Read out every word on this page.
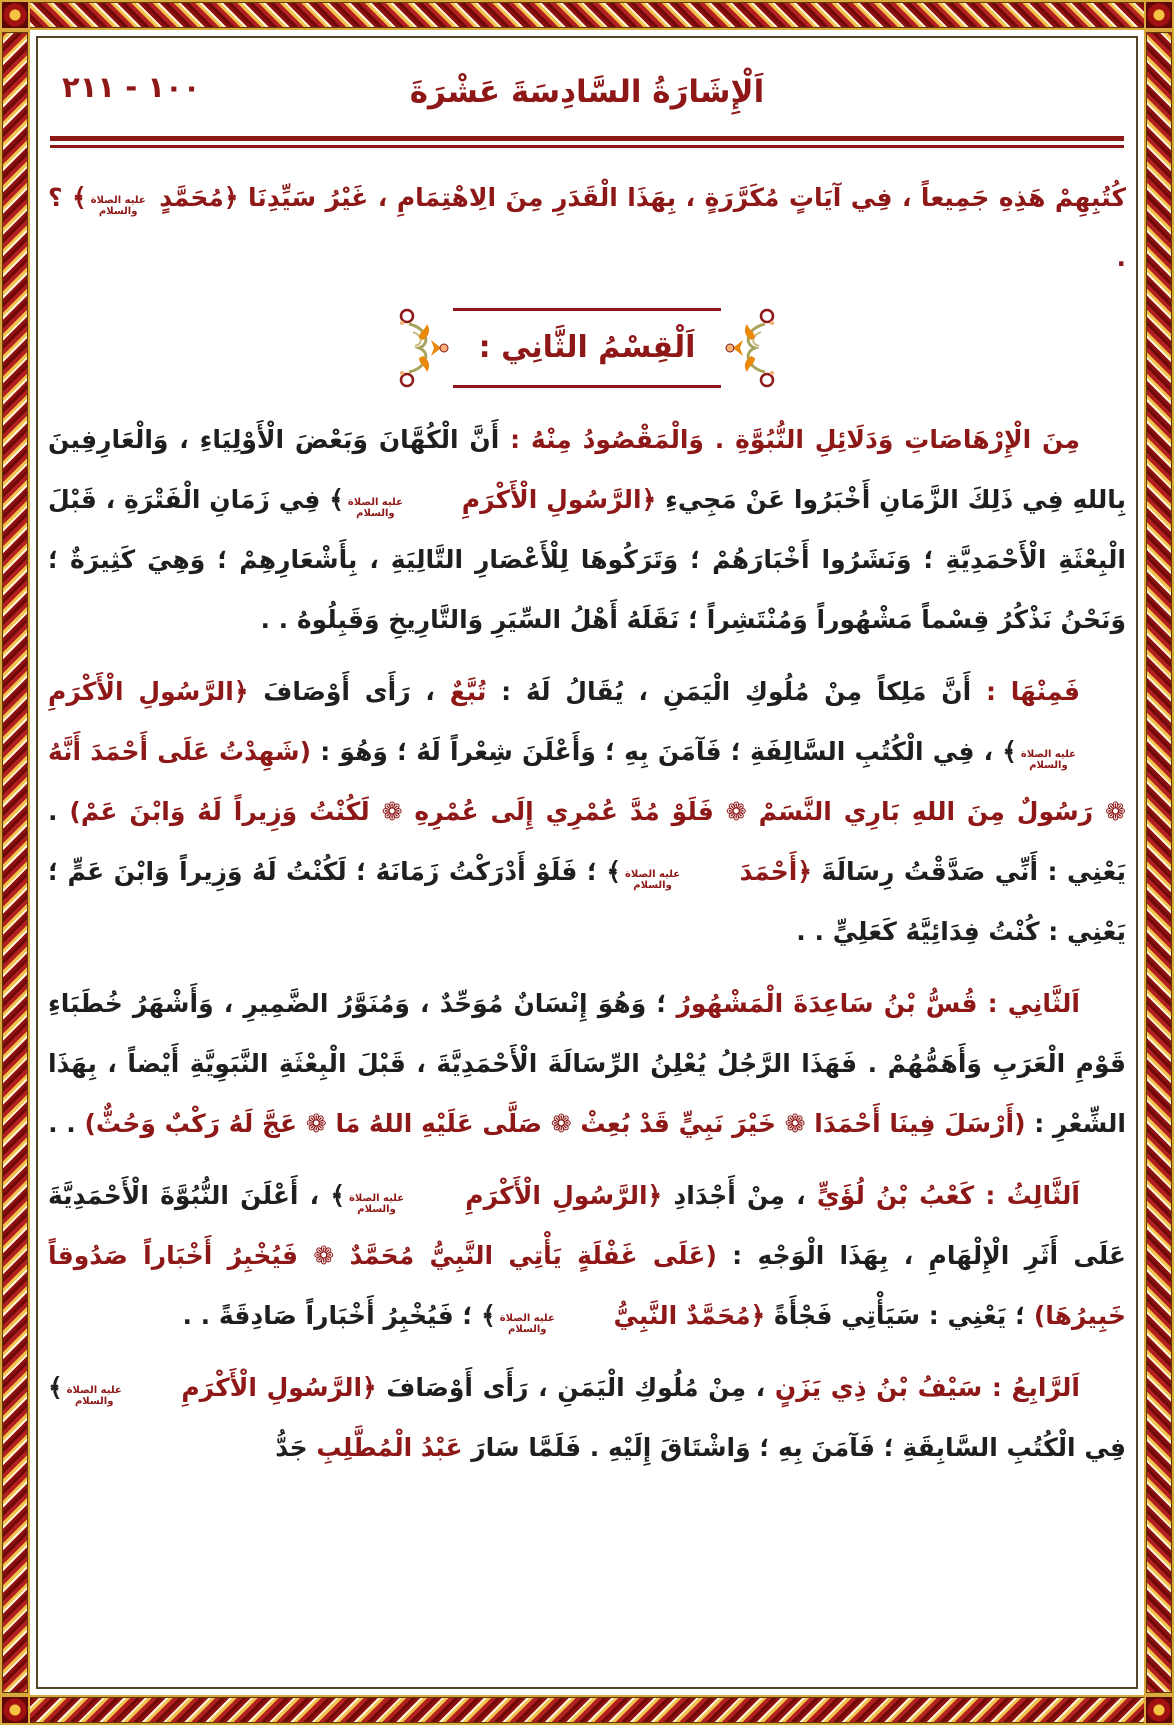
١٠٠ - ٢١١	اَلْإِشَارَةُ السَّادِسَةَ عَشْرَةَ

كُتُبِهِمْ هَذِهِ جَمِيعاً ، فِي آيَاتٍ مُكَرَّرَةٍ ، بِهَذَا الْقَدَرِ مِنَ الِاهْتِمَامِ ، غَيْرُ سَيِّدِنَا ﴿مُحَمَّدٍ
عليه الصلاة
والسلام
﴾ ؟ .

اَلْقِسْمُ الثَّانِي :

مِنَ الْإِرْهَاصَاتِ وَدَلَائِلِ النُّبُوَّةِ . وَالْمَقْصُودُ مِنْهُ : أَنَّ الْكُهَّانَ وَبَعْضَ الْأَوْلِيَاءِ ، وَالْعَارِفِينَ بِاللهِ فِي ذَلِكَ الزَّمَانِ أَخْبَرُوا عَنْ مَجِيءِ ﴿الرَّسُولِ الْأَكْرَمِ
عليه الصلاة
والسلام
﴾ فِي زَمَانِ الْفَتْرَةِ ، قَبْلَ الْبِعْثَةِ الْأَحْمَدِيَّةِ ؛ وَنَشَرُوا أَخْبَارَهُمْ ؛ وَتَرَكُوهَا لِلْأَعْصَارِ التَّالِيَةِ ، بِأَشْعَارِهِمْ ؛ وَهِيَ كَثِيرَةٌ ؛ وَنَحْنُ نَذْكُرُ قِسْماً مَشْهُوراً وَمُنْتَشِراً ؛ نَقَلَهُ أَهْلُ السِّيَرِ وَالتَّارِيخِ وَقَبِلُوهُ . .

فَمِنْهَا : أَنَّ مَلِكاً مِنْ مُلُوكِ الْيَمَنِ ، يُقَالُ لَهُ : تُبَّعٌ ، رَأَى أَوْصَافَ ﴿الرَّسُولِ الْأَكْرَمِ
عليه الصلاة
والسلام
﴾ ، فِي الْكُتُبِ السَّالِفَةِ ؛ فَآمَنَ بِهِ ؛ وَأَعْلَنَ شِعْراً لَهُ ؛ وَهُوَ : (شَهِدْتُ عَلَى أَحْمَدَ أَنَّهُ ❁ رَسُولٌ مِنَ اللهِ بَارِي النَّسَمْ ❁ فَلَوْ مُدَّ عُمْرِي إِلَى عُمْرِهِ ❁ لَكُنْتُ وَزِيراً لَهُ وَابْنَ عَمْ) . يَعْنِي : أَنِّي صَدَّقْتُ رِسَالَةَ ﴿أَحْمَدَ
عليه الصلاة
والسلام
﴾ ؛ فَلَوْ أَدْرَكْتُ زَمَانَهُ ؛ لَكُنْتُ لَهُ وَزِيراً وَابْنَ عَمٍّ ؛ يَعْنِي : كُنْتُ فِدَائِيَّهُ كَعَلِيٍّ . .

اَلثَّانِي : قُسُّ بْنُ سَاعِدَةَ الْمَشْهُورُ ؛ وَهُوَ إِنْسَانٌ مُوَحِّدٌ ، وَمُنَوَّرُ الضَّمِيرِ ، وَأَشْهَرُ خُطَبَاءِ قَوْمِ الْعَرَبِ وَأَهَمُّهُمْ . فَهَذَا الرَّجُلُ يُعْلِنُ الرِّسَالَةَ الْأَحْمَدِيَّةَ ، قَبْلَ الْبِعْثَةِ النَّبَوِيَّةِ أَيْضاً ، بِهَذَا الشِّعْرِ : (أَرْسَلَ فِينَا أَحْمَدَا ❁ خَيْرَ نَبِيٍّ قَدْ بُعِثْ ❁ صَلَّى عَلَيْهِ اللهُ مَا ❁ عَجَّ لَهُ رَكْبٌ وَحُثٌّ) . .

اَلثَّالِثُ : كَعْبُ بْنُ لُؤَيٍّ ، مِنْ أَجْدَادِ ﴿الرَّسُولِ الْأَكْرَمِ
عليه الصلاة
والسلام
﴾ ، أَعْلَنَ النُّبُوَّةَ الْأَحْمَدِيَّةَ عَلَى أَثَرِ الْإِلْهَامِ ، بِهَذَا الْوَجْهِ : (عَلَى غَفْلَةٍ يَأْتِي النَّبِيُّ مُحَمَّدٌ ❁ فَيُخْبِرُ أَخْبَاراً صَدُوقاً خَبِيرُهَا) ؛ يَعْنِي : سَيَأْتِي فَجْأَةً ﴿مُحَمَّدٌ النَّبِيُّ
عليه الصلاة
والسلام
﴾ ؛ فَيُخْبِرُ أَخْبَاراً صَادِقَةً . .

اَلرَّابِعُ : سَيْفُ بْنُ ذِي يَزَنٍ ، مِنْ مُلُوكِ الْيَمَنِ ، رَأَى أَوْصَافَ ﴿الرَّسُولِ الْأَكْرَمِ
عليه الصلاة
والسلام
﴾ فِي الْكُتُبِ السَّابِقَةِ ؛ فَآمَنَ بِهِ ؛ وَاشْتَاقَ إِلَيْهِ . فَلَمَّا سَارَ عَبْدُ الْمُطَّلِبِ جَدُّ
